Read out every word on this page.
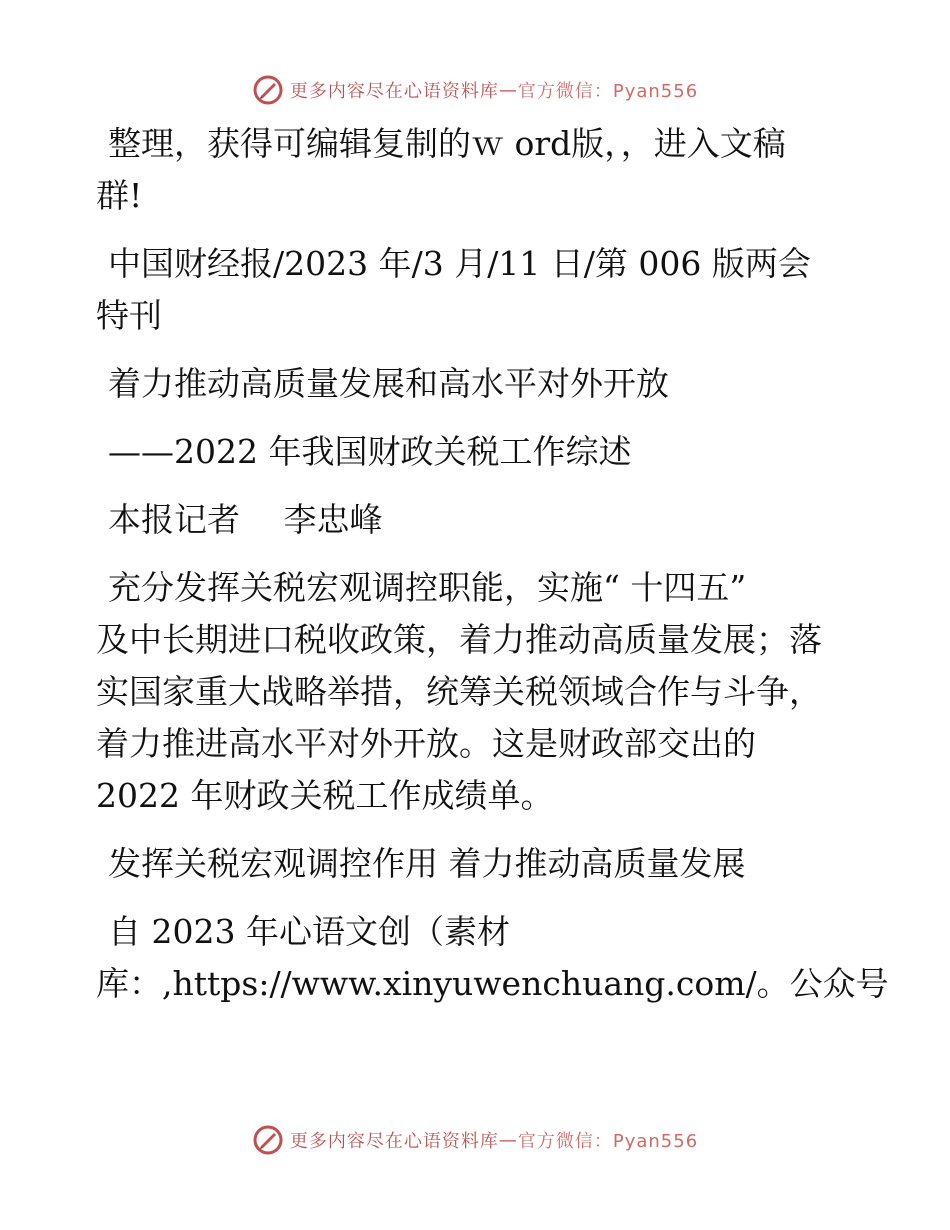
更多内容尽在心语资料库 — 官方微信：Pyan556

整理，获得可编辑复制的ｗ ord版，，进入文稿
群!

中国财经报/2023 年/3 月/11 日/第 006 版两会
特刊

着力推动高质量发展和高水平对外开放

——2022 年我国财政关税工作综述

本报记者　 李忠峰

充分发挥关税宏观调控职能，实施“ 十四五”
及中长期进口税收政策，着力推动高质量发展；落
实国家重大战略举措，统筹关税领域合作与斗争，
着力推进高水平对外开放。这是财政部交出的
2022 年财政关税工作成绩单。

发挥关税宏观调控作用 着力推动高质量发展

自 2023 年心语文创（素材
库：,https://www.xinyuwenchuang.com/。公众号

更多内容尽在心语资料库 — 官方微信：Pyan556
